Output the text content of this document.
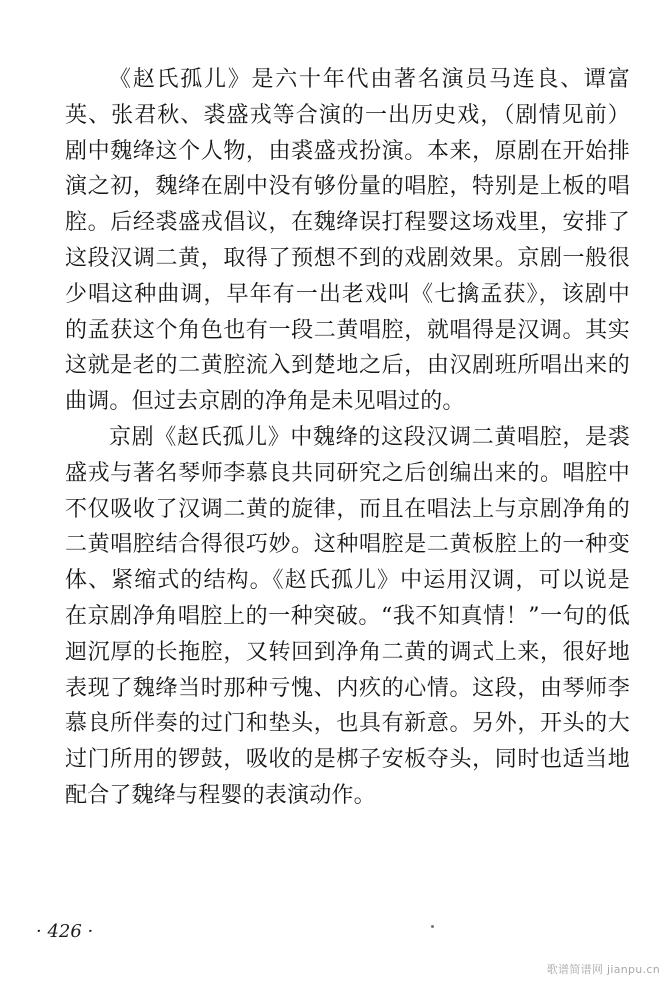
《赵氏孤儿》是六十年代由著名演员马连良、谭富英、张君秋、裘盛戎等合演的一出历史戏，（剧情见前）剧中魏绛这个人物，由裘盛戎扮演。本来，原剧在开始排演之初，魏绛在剧中没有够份量的唱腔，特别是上板的唱腔。后经裘盛戎倡议，在魏绛误打程婴这场戏里，安排了这段汉调二黄，取得了预想不到的戏剧效果。京剧一般很少唱这种曲调，早年有一出老戏叫《七擒孟获》，该剧中的孟获这个角色也有一段二黄唱腔，就唱得是汉调。其实这就是老的二黄腔流入到楚地之后，由汉剧班所唱出来的曲调。但过去京剧的净角是未见唱过的。

京剧《赵氏孤儿》中魏绛的这段汉调二黄唱腔，是裘盛戎与著名琴师李慕良共同研究之后创编出来的。唱腔中不仅吸收了汉调二黄的旋律，而且在唱法上与京剧净角的二黄唱腔结合得很巧妙。这种唱腔是二黄板腔上的一种变体、紧缩式的结构。《赵氏孤儿》中运用汉调，可以说是在京剧净角唱腔上的一种突破。“我不知真情！”一句的低迴沉厚的长拖腔，又转回到净角二黄的调式上来，很好地表现了魏绛当时那种亏愧、内疚的心情。这段，由琴师李慕良所伴奏的过门和垫头，也具有新意。另外，开头的大过门所用的锣鼓，吸收的是梆子安板夺头，同时也适当地配合了魏绛与程婴的表演动作。

· 426 ·
歌谱简谱网 jianpu.cn
